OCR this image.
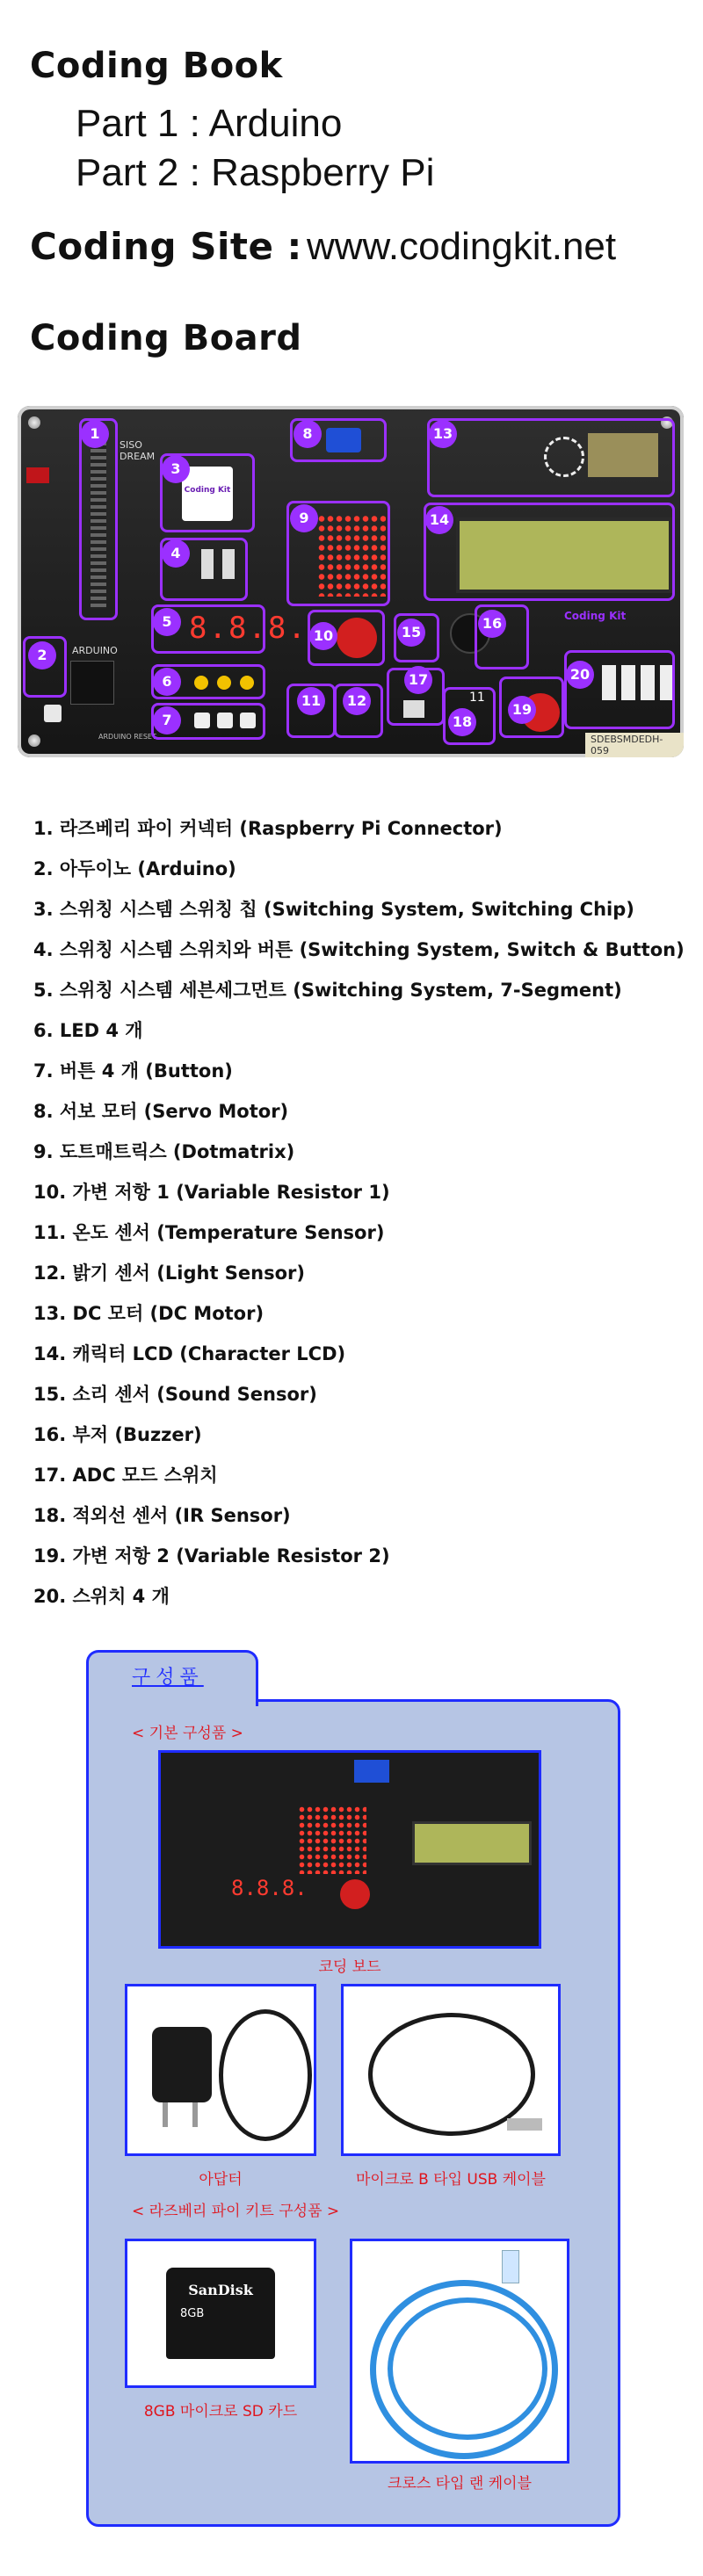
Coding Book
Part 1 : Arduino
Part 2 : Raspberry Pi
Coding Site : www.codingkit.net
Coding Board
1
2	ARDUINO
ARDUINO RESET
SISO DREAM
Coding Kit
3
4
8.8.8.
5
6
7
8
9
10
11	12
13
14
15
16	Coding Kit
17
18
11
19
20
SDEBSMDEDH-059
1. 라즈베리 파이 커넥터 (Raspberry Pi Connector)
2. 아두이노 (Arduino)
3. 스위칭 시스템 스위칭 칩 (Switching System, Switching Chip)
4. 스위칭 시스템 스위치와 버튼 (Switching System, Switch & Button)
5. 스위칭 시스템 세븐세그먼트 (Switching System, 7-Segment)
6. LED 4 개
7. 버튼 4 개 (Button)
8. 서보 모터 (Servo Motor)
9. 도트매트릭스 (Dotmatrix)
10. 가변 저항 1 (Variable Resistor 1)
11. 온도 센서 (Temperature Sensor)
12. 밝기 센서 (Light Sensor)
13. DC 모터 (DC Motor)
14. 캐릭터 LCD (Character LCD)
15. 소리 센서 (Sound Sensor)
16. 부저 (Buzzer)
17. ADC 모드 스위치
18. 적외선 센서 (IR Sensor)
19. 가변 저항 2 (Variable Resistor 2)
20. 스위치 4 개
구성품
< 기본 구성품 >
8.8.8.
코딩 보드
아답터	마이크로 B 타입 USB 케이블
< 라즈베리 파이 키트 구성품 >
SanDisk
8GB
8GB 마이크로 SD 카드
크로스 타입 랜 케이블
